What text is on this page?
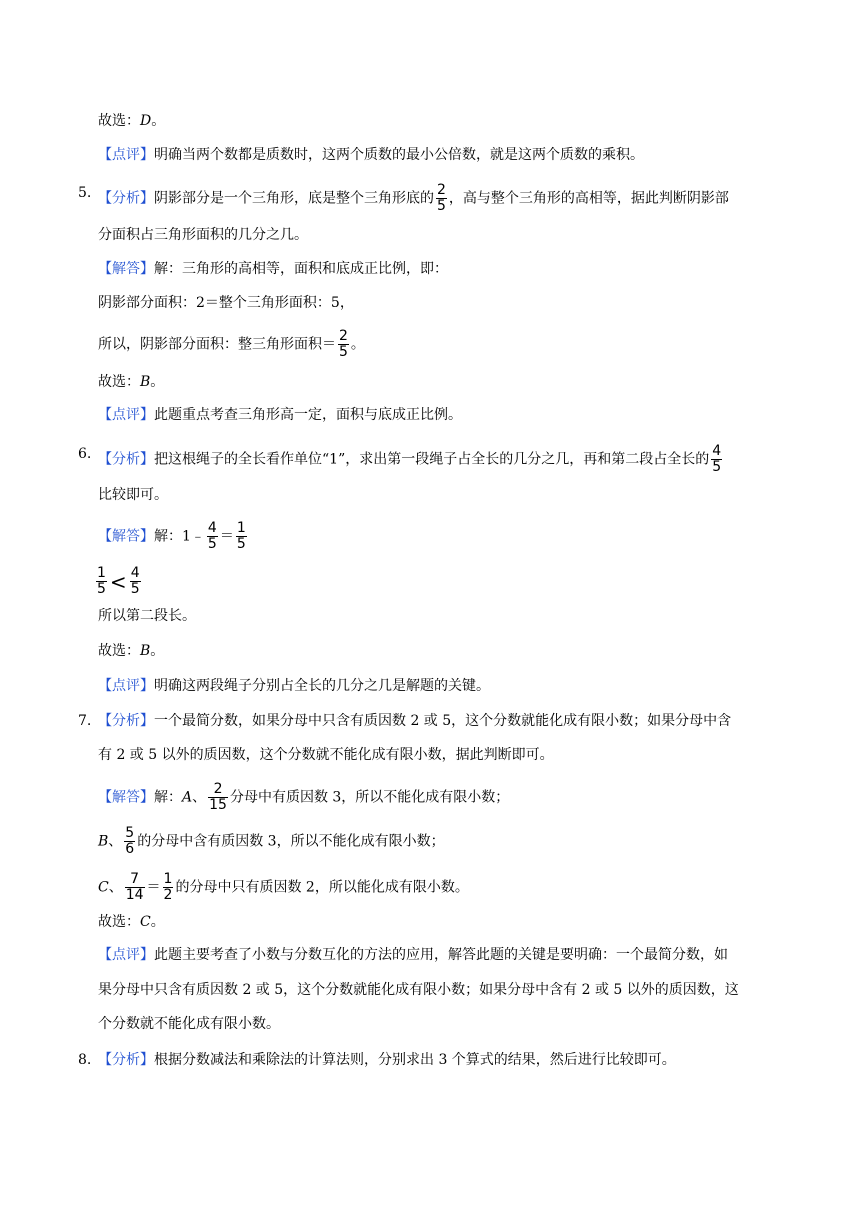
故选：D。
【点评】明确当两个数都是质数时，这两个质数的最小公倍数，就是这两个质数的乘积。
5. 【分析】阴影部分是一个三角形，底是整个三角形底的 $\frac{2}{5}$ ，高与整个三角形的高相等，据此判断阴影部
分面积占三角形面积的几分之几。
【解答】解：三角形的高相等，面积和底成正比例，即：
阴影部分面积：2＝整个三角形面积：5，
所以，阴影部分面积：整三角形面积＝ $\frac{2}{5}$ 。
故选：B。
【点评】此题重点考查三角形高一定，面积与底成正比例。
6. 【分析】把这根绳子的全长看作单位“1”，求出第一段绳子占全长的几分之几，再和第二段占全长的 $\frac{4}{5}$
比较即可。
【解答】解：1﹣ $\frac{4}{5} = \frac{1}{5}$
$\frac{1}{5} < \frac{4}{5}$
所以第二段长。
故选：B。
【点评】明确这两段绳子分别占全长的几分之几是解题的关键。
7. 【分析】一个最简分数，如果分母中只含有质因数 2 或 5，这个分数就能化成有限小数；如果分母中含
有 2 或 5 以外的质因数，这个分数就不能化成有限小数，据此判断即可。
【解答】解：A、 $\frac{2}{15}$ 分母中有质因数 3，所以不能化成有限小数；
B、 $\frac{5}{6}$ 的分母中含有质因数 3，所以不能化成有限小数；
C、 $\frac{7}{14} = \frac{1}{2}$ 的分母中只有质因数 2，所以能化成有限小数。
故选：C。
【点评】此题主要考查了小数与分数互化的方法的应用，解答此题的关键是要明确：一个最简分数，如
果分母中只含有质因数 2 或 5，这个分数就能化成有限小数；如果分母中含有 2 或 5 以外的质因数，这
个分数就不能化成有限小数。
8. 【分析】根据分数减法和乘除法的计算法则，分别求出 3 个算式的结果，然后进行比较即可。
